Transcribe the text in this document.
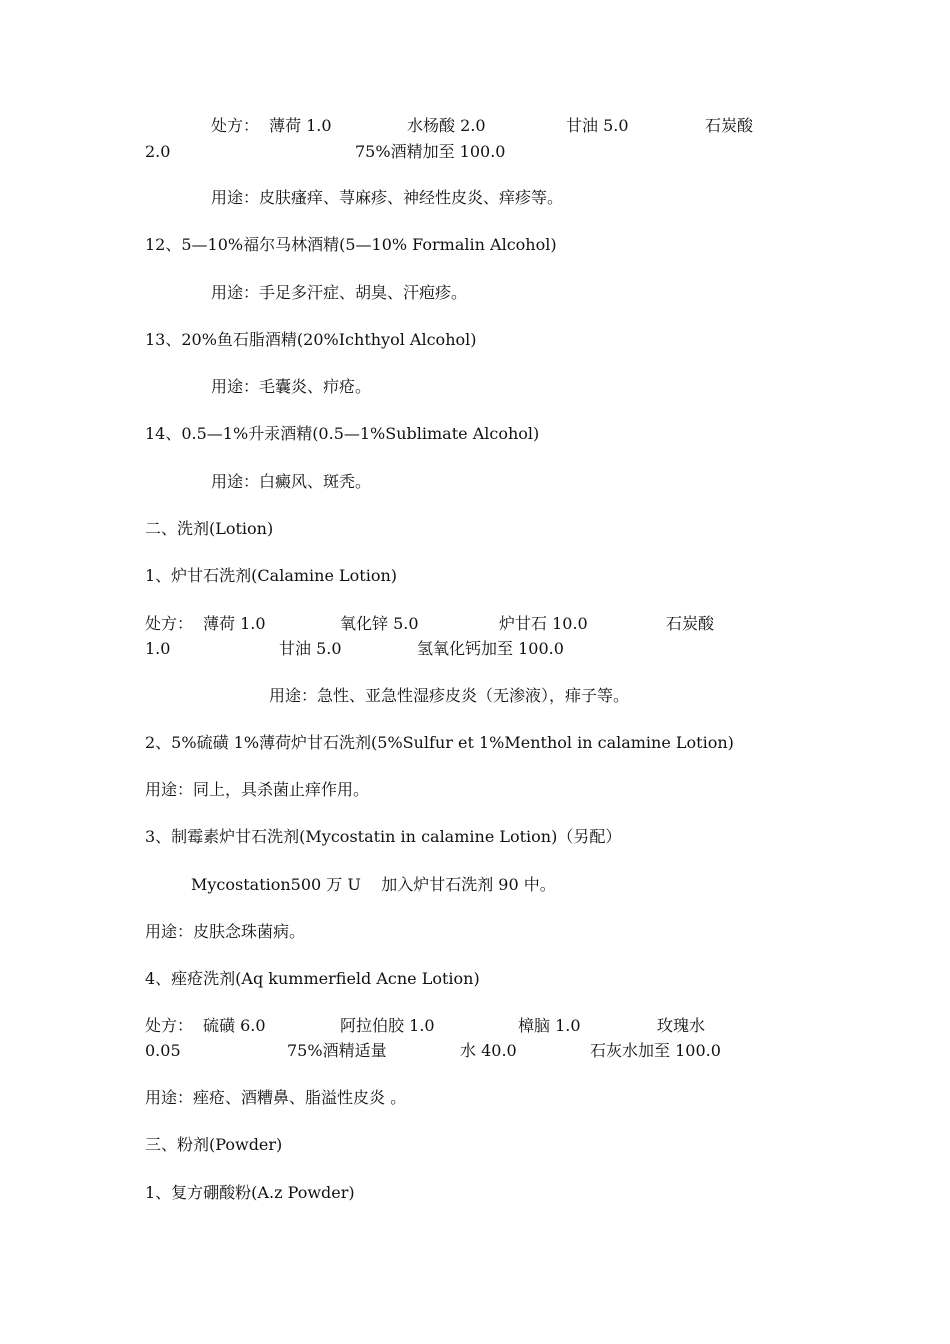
处方： 薄荷 1.0	水杨酸 2.0	甘油 5.0	石炭酸
2.0	75%酒精加至 100.0

用途：皮肤瘙痒、荨麻疹、神经性皮炎、痒疹等。

12、5—10%福尔马林酒精(5—10% Formalin Alcohol)

用途：手足多汗症、胡臭、汗疱疹。

13、20%鱼石脂酒精(20%Ichthyol Alcohol)

用途：毛囊炎、疖疮。

14、0.5—1%升汞酒精(0.5—1%Sublimate Alcohol)

用途：白癜风、斑秃。

二、洗剂(Lotion)

1、炉甘石洗剂(Calamine Lotion)

处方： 薄荷 1.0	氧化锌 5.0	炉甘石 10.0	石炭酸
1.0	甘油 5.0	氢氧化钙加至 100.0

用途：急性、亚急性湿疹皮炎（无渗液），痱子等。

2、5%硫磺 1%薄荷炉甘石洗剂(5%Sulfur et 1%Menthol in calamine Lotion)

用途：同上，具杀菌止痒作用。

3、制霉素炉甘石洗剂(Mycostatin in calamine Lotion)（另配）

Mycostation500 万 U    加入炉甘石洗剂 90 中。

用途：皮肤念珠菌病。

4、痤疮洗剂(Aq kummerfield Acne Lotion)

处方： 硫磺 6.0	阿拉伯胶 1.0	樟脑 1.0	玫瑰水
0.05	75%酒精适量	水 40.0	石灰水加至 100.0

用途：痤疮、酒糟鼻、脂溢性皮炎 。

三、粉剂(Powder)

1、复方硼酸粉(A.z Powder)
